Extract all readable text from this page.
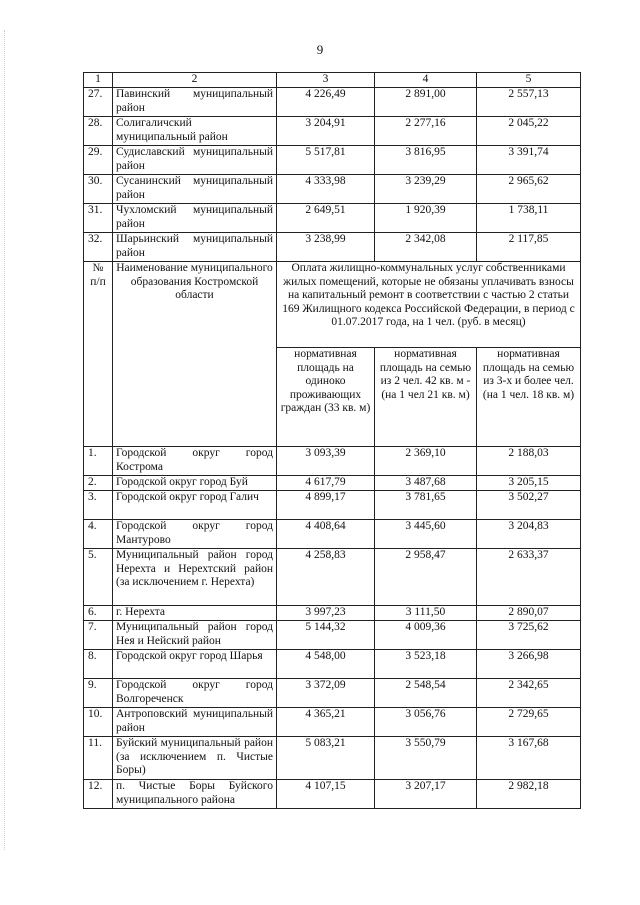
9
1	2	3	4	5
27.	Павинский муниципальный район	4 226,49	2 891,00	2 557,13
28.	Солигаличский муниципальный район	3 204,91	2 277,16	2 045,22
29.	Судиславский муниципальный район	5 517,81	3 816,95	3 391,74
30.	Сусанинский муниципальный район	4 333,98	3 239,29	2 965,62
31.	Чухломский муниципальный район	2 649,51	1 920,39	1 738,11
32.	Шарьинский муниципальный район	3 238,99	2 342,08	2 117,85
№ п/п	Наименование муниципального образования Костромской области	Оплата жилищно-коммунальных услуг собственниками жилых помещений, которые не обязаны уплачивать взносы на капитальный ремонт в соответствии с частью 2 статьи 169 Жилищного кодекса Российской Федерации, в период с 01.07.2017 года, на 1 чел. (руб. в месяц)		
		нормативная площадь на одиноко проживающих граждан (33 кв. м)	нормативная площадь на семью из 2 чел. 42 кв. м - (на 1 чел 21 кв. м)	нормативная площадь на семью из 3-х и более чел. (на 1 чел. 18 кв. м)
1.	Городской округ город Кострома	3 093,39	2 369,10	2 188,03
2.	Городской округ город Буй	4 617,79	3 487,68	3 205,15
3.	Городской округ город Галич	4 899,17	3 781,65	3 502,27
4.	Городской округ город Мантурово	4 408,64	3 445,60	3 204,83
5.	Муниципальный район город Нерехта и Нерехтский район (за исключением г. Нерехта)	4 258,83	2 958,47	2 633,37
6.	г. Нерехта	3 997,23	3 111,50	2 890,07
7.	Муниципальный район город Нея и Нейский район	5 144,32	4 009,36	3 725,62
8.	Городской округ город Шарья	4 548,00	3 523,18	3 266,98
9.	Городской округ город Волгореченск	3 372,09	2 548,54	2 342,65
10.	Антроповский муниципальный район	4 365,21	3 056,76	2 729,65
11.	Буйский муниципальный район (за исключением п. Чистые Боры)	5 083,21	3 550,79	3 167,68
12.	п. Чистые Боры Буйского муниципального района	4 107,15	3 207,17	2 982,18
